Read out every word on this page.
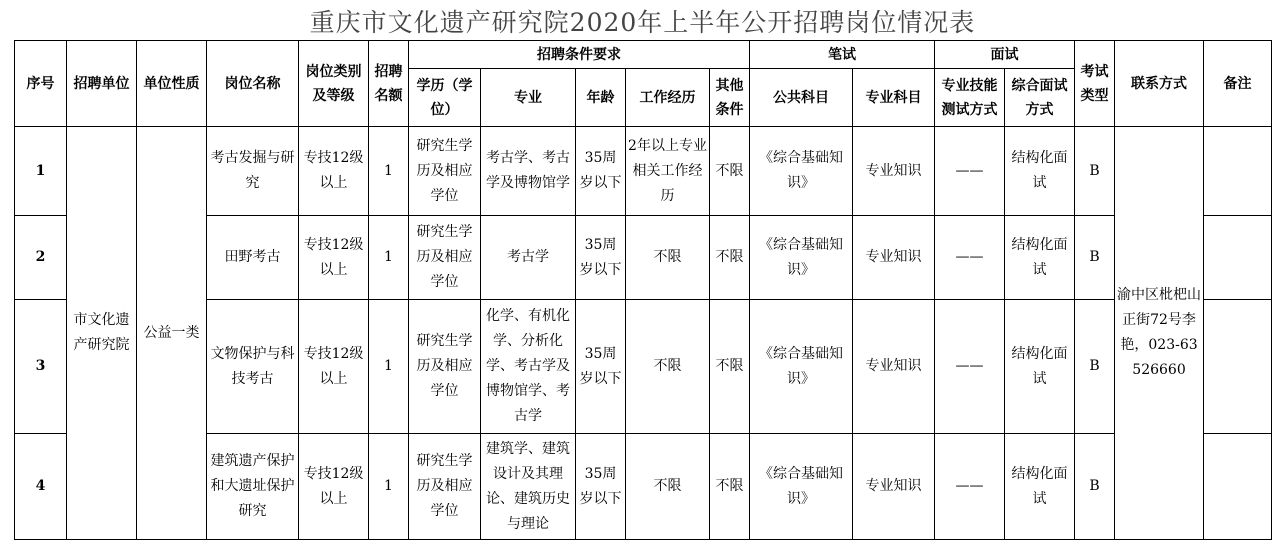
重庆市文化遗产研究院2020年上半年公开招聘岗位情况表
序号	招聘单位	单位性质	岗位名称	岗位类别及等级	招聘名额	招聘条件要求					笔试		面试		考试类型	联系方式	备注
						学历（学位）	专业	年龄	工作经历	其他条件	公共科目	专业科目	专业技能测试方式	综合面试方式			
1	市文化遗产研究院	公益一类	考古发掘与研究	专技12级以上	1	研究生学历及相应学位	考古学、考古学及博物馆学	35周岁以下	2年以上专业相关工作经历	不限	《综合基础知识》	专业知识	——	结构化面试	B	渝中区枇杷山正街72号李艳，023-63526660	
2			田野考古	专技12级以上	1	研究生学历及相应学位	考古学	35周岁以下	不限	不限	《综合基础知识》	专业知识	——	结构化面试	B		
3			文物保护与科技考古	专技12级以上	1	研究生学历及相应学位	化学、有机化学、分析化学、考古学及博物馆学、考古学	35周岁以下	不限	不限	《综合基础知识》	专业知识	——	结构化面试	B		
4			建筑遗产保护和大遗址保护研究	专技12级以上	1	研究生学历及相应学位	建筑学、建筑设计及其理论、建筑历史与理论	35周岁以下	不限	不限	《综合基础知识》	专业知识	——	结构化面试	B		
